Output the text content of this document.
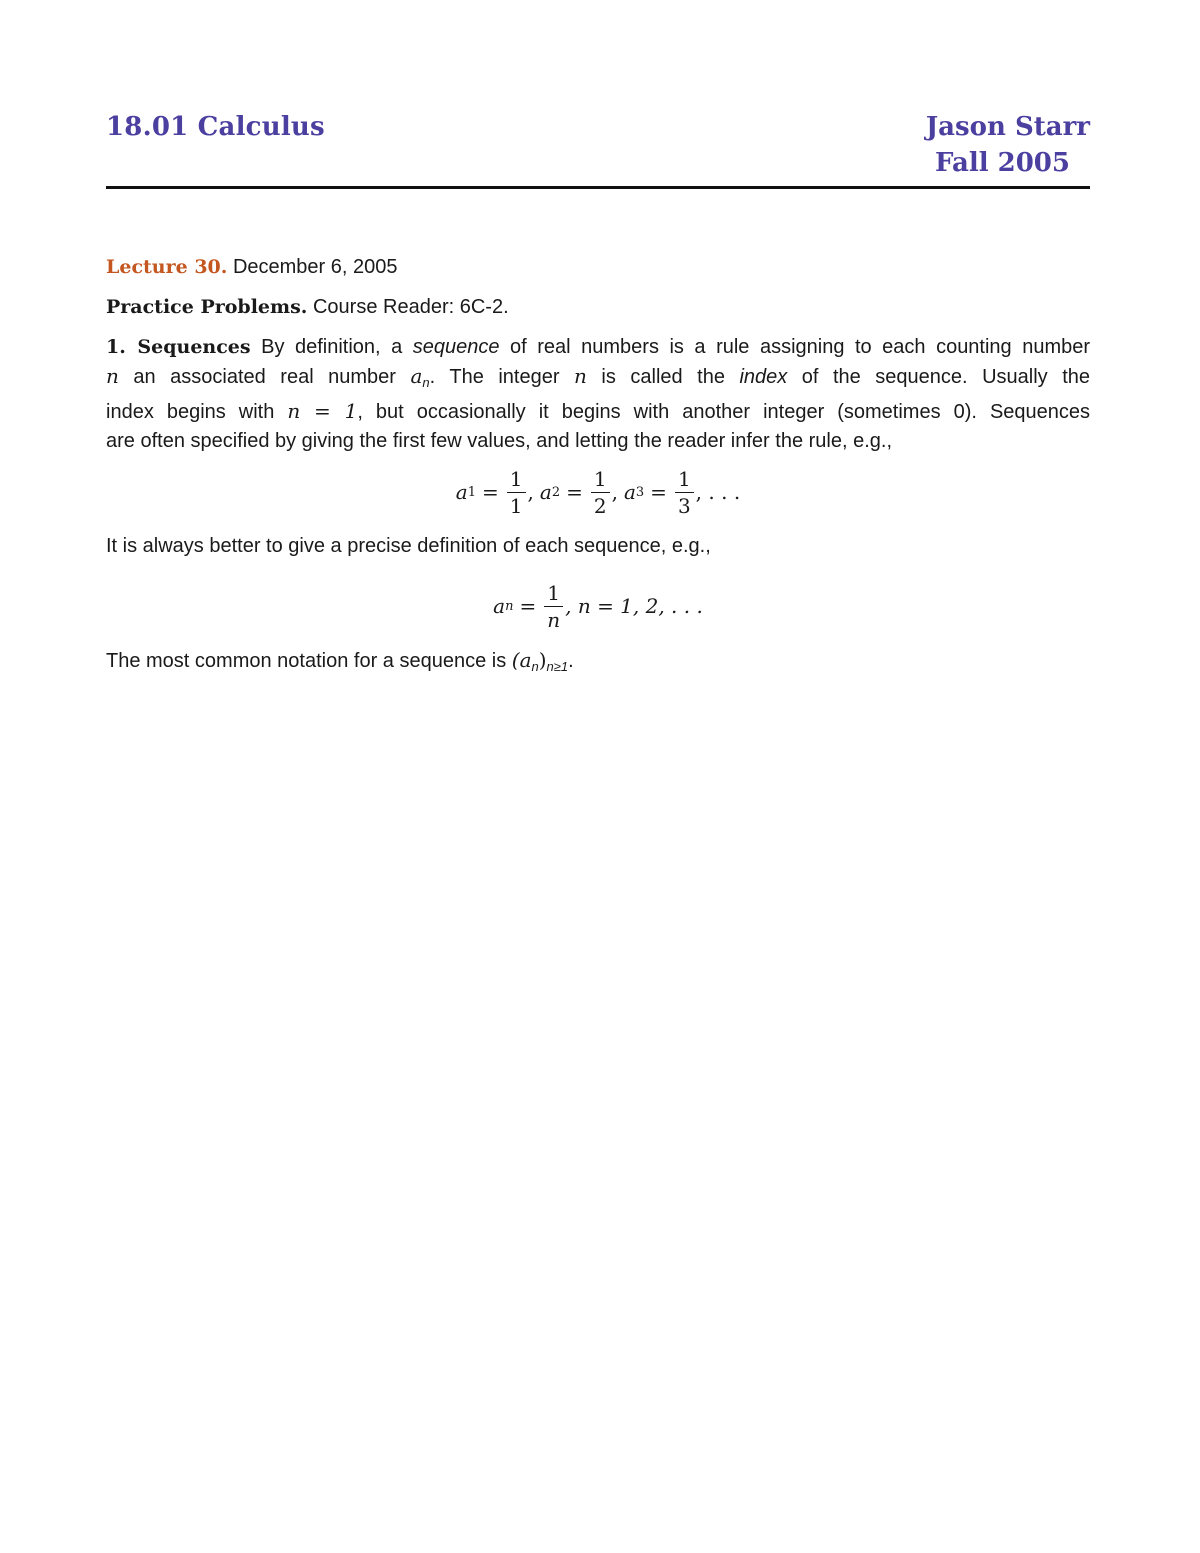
18.01 Calculus	Jason Starr
Fall 2005
Lecture 30. December 6, 2005
Practice Problems. Course Reader: 6C-2.
1. Sequences By definition, a sequence of real numbers is a rule assigning to each counting number
n an associated real number $a_n$. The integer n is called the index of the sequence. Usually the
index begins with n = 1, but occasionally it begins with another integer (sometimes 0). Sequences
are often specified by giving the first few values, and letting the reader infer the rule, e.g.,
a $1 = \frac{1}{1}$ , a $2 = \frac{1}{2}$ , a $3 = \frac{1}{3}$ , . . .
It is always better to give a precise definition of each sequence, e.g.,
a $n = \frac{1}{n}$ , n = 1, 2, . . .
The most common notation for a sequence is $(a_n)_{n\ge 1}$.
